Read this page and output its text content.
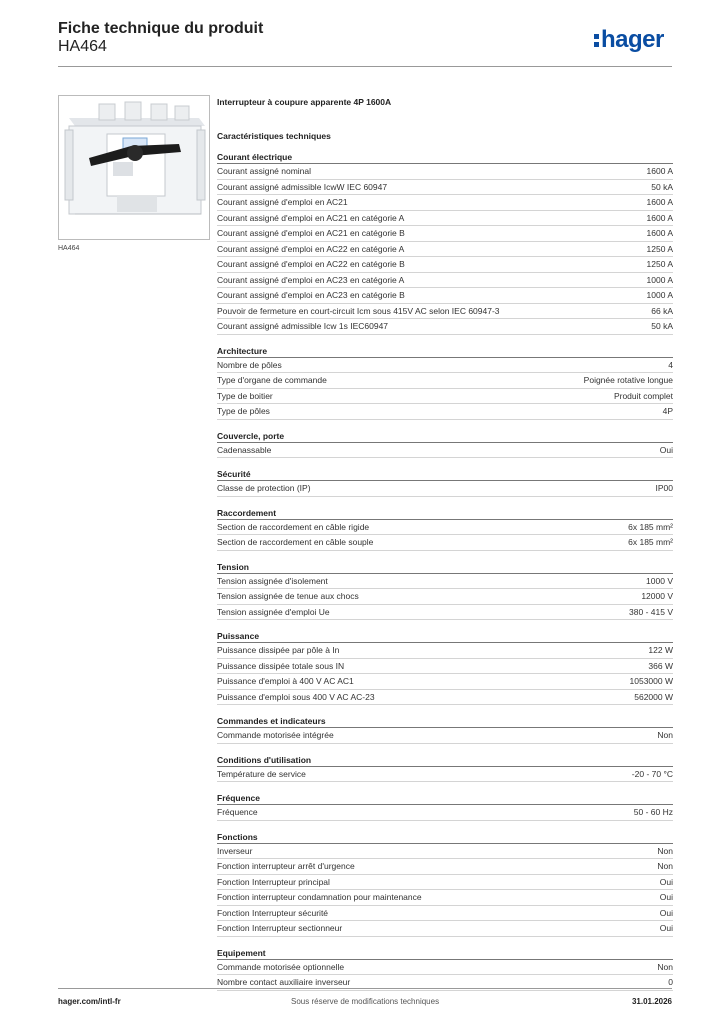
Fiche technique du produit
HA464	hager
HA464
Interrupteur à coupure apparente 4P 1600A
Caractéristiques techniques
Courant électrique
Courant assigné nominal	1600 A
Courant assigné admissible IcwW IEC 60947	50 kA
Courant assigné d'emploi en AC21	1600 A
Courant assigné d'emploi en AC21 en catégorie A	1600 A
Courant assigné d'emploi en AC21 en catégorie B	1600 A
Courant assigné d'emploi en AC22 en catégorie A	1250 A
Courant assigné d'emploi en AC22 en catégorie B	1250 A
Courant assigné d'emploi en AC23 en catégorie A	1000 A
Courant assigné d'emploi en AC23 en catégorie B	1000 A
Pouvoir de fermeture en court-circuit Icm sous 415V AC selon IEC 60947-3	66 kA
Courant assigné admissible Icw 1s IEC60947	50 kA
Architecture
Nombre de pôles	4
Type d'organe de commande	Poignée rotative longue
Type de boitier	Produit complet
Type de pôles	4P
Couvercle, porte
Cadenassable	Oui
Sécurité
Classe de protection (IP)	IP00
Raccordement
Section de raccordement en câble rigide	6x 185 mm²
Section de raccordement en câble souple	6x 185 mm²
Tension
Tension assignée d'isolement	1000 V
Tension assignée de tenue aux chocs	12000 V
Tension assignée d'emploi Ue	380 - 415 V
Puissance
Puissance dissipée par pôle à In	122 W
Puissance dissipée totale sous IN	366 W
Puissance d'emploi à 400 V AC AC1	1053000 W
Puissance d'emploi sous 400 V AC AC-23	562000 W
Commandes et indicateurs
Commande motorisée intégrée	Non
Conditions d'utilisation
Température de service	-20 - 70 °C
Fréquence
Fréquence	50 - 60 Hz
Fonctions
Inverseur	Non
Fonction interrupteur arrêt d'urgence	Non
Fonction Interrupteur principal	Oui
Fonction interrupteur condamnation pour maintenance	Oui
Fonction Interrupteur sécurité	Oui
Fonction Interrupteur sectionneur	Oui
Equipement
Commande motorisée optionnelle	Non
Nombre contact auxiliaire inverseur	0
hager.com/intl-fr	Sous réserve de modifications techniques	31.01.2026
